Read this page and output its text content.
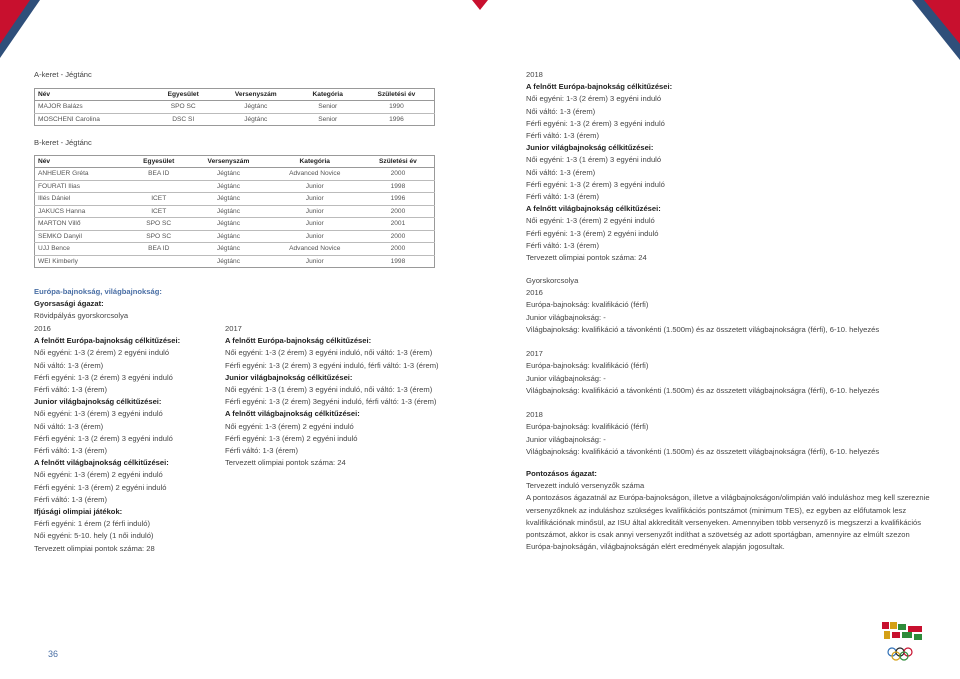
A-keret - Jégtánc
Név	Egyesület	Versenyszám	Kategória	Születési év
MAJOR Balázs	SPO SC	Jégtánc	Senior	1990
MOSCHENI Carolina	DSC SI	Jégtánc	Senior	1996
B-keret - Jégtánc
Név	Egyesület	Versenyszám	Kategória	Születési év
ANHEUER Gréta	BEA ID	Jégtánc	Advanced Novice	2000
FOURATI Ilias		Jégtánc	Junior	1998
Illés Dániel	ICET	Jégtánc	Junior	1996
JAKUCS Hanna	ICET	Jégtánc	Junior	2000
MARTON Villő	SPO SC	Jégtánc	Junior	2001
SEMKO Danyil	SPO SC	Jégtánc	Junior	2000
UJJ Bence	BEA ID	Jégtánc	Advanced Novice	2000
WEI Kimberly		Jégtánc	Junior	1998
Európa-bajnokság, világbajnokság:
Gyorsasági ágazat:
Rövidpályás gyorskorcsolya
2016
A felnőtt Európa-bajnokság célkitűzései:
Női egyéni: 1-3 (2 érem) 2 egyéni induló
Női váltó: 1-3 (érem)
Férfi egyéni: 1-3 (2 érem) 3 egyéni induló
Férfi váltó: 1-3 (érem)
Junior világbajnokság célkitűzései:
Női egyéni: 1-3 (érem) 3 egyéni induló
Női váltó: 1-3 (érem)
Férfi egyéni: 1-3 (2 érem) 3 egyéni induló
Férfi váltó: 1-3 (érem)
A felnőtt világbajnokság célkitűzései:
Női egyéni: 1-3 (érem) 2 egyéni induló
Férfi egyéni: 1-3 (érem) 2 egyéni induló
Férfi váltó: 1-3 (érem)
Ifjúsági olimpiai játékok:
Férfi egyéni: 1 érem (2 férfi induló)
Női egyéni: 5-10. hely (1 női induló)
Tervezett olimpiai pontok száma: 28
2017
A felnőtt Európa-bajnokság célkitűzései:
Női egyéni: 1-3 (2 érem) 3 egyéni induló, női váltó: 1-3 (érem)
Férfi egyéni: 1-3 (2 érem) 3 egyéni induló, férfi váltó: 1-3 (érem)
Junior világbajnokság célkitűzései:
Női egyéni: 1-3 (1 érem) 3 egyéni induló, női váltó: 1-3 (érem)
Férfi egyéni: 1-3 (2 érem) 3egyéni induló, férfi váltó: 1-3 (érem)
A felnőtt világbajnokság célkitűzései:
Női egyéni: 1-3 (érem) 2 egyéni induló
Férfi egyéni: 1-3 (érem) 2 egyéni induló
Férfi váltó: 1-3 (érem)
Tervezett olimpiai pontok száma: 24
2018
A felnőtt Európa-bajnokság célkitűzései:
Női egyéni: 1-3 (2 érem) 3 egyéni induló
Női váltó: 1-3 (érem)
Férfi egyéni: 1-3 (2 érem) 3 egyéni induló
Férfi váltó: 1-3 (érem)
Junior világbajnokság célkitűzései:
Női egyéni: 1-3 (1 érem) 3 egyéni induló
Női váltó: 1-3 (érem)
Férfi egyéni: 1-3 (2 érem) 3 egyéni induló
Férfi váltó: 1-3 (érem)
A felnőtt világbajnokság célkitűzései:
Női egyéni: 1-3 (érem) 2 egyéni induló
Férfi egyéni: 1-3 (érem) 2 egyéni induló
Férfi váltó: 1-3 (érem)
Tervezett olimpiai pontok száma: 24
Gyorskorcsolya
2016
Európa-bajnokság: kvalifikáció (férfi)
Junior világbajnokság: -
Világbajnokság: kvalifikáció a távonkénti (1.500m) és az összetett világbajnokságra (férfi), 6-10. helyezés

2017
Európa-bajnokság: kvalifikáció (férfi)
Junior világbajnokság: -
Világbajnokság: kvalifikáció a távonkénti (1.500m) és az összetett világbajnokságra (férfi), 6-10. helyezés

2018
Európa-bajnokság: kvalifikáció (férfi)
Junior világbajnokság: -
Világbajnokság: kvalifikáció a távonkénti (1.500m) és az összetett világbajnokságra (férfi), 6-10. helyezés
Pontozásos ágazat:
Tervezett induló versenyzők száma
A pontozásos ágazatnál az Európa-bajnokságon, illetve a világbajnokságon/olimpián való induláshoz meg kell szerezniе versenyzőknek az induláshoz szükséges kvalifikációs pontszámot (minimum TES), ez egyben az előfutamok lesz kvalifikációnak minősül, az ISU által akkreditált versenyeken. Amennyiben több versenyző is megszerzi a kvalifikációs pontszámot, akkor is csak annyi versenyzőt indíthat a szövetség az adott sportágban, amennyire az elmúlt szezon Európa-bajnokságán, világbajnokságán elért eredmények alapján jogosultak.
36
